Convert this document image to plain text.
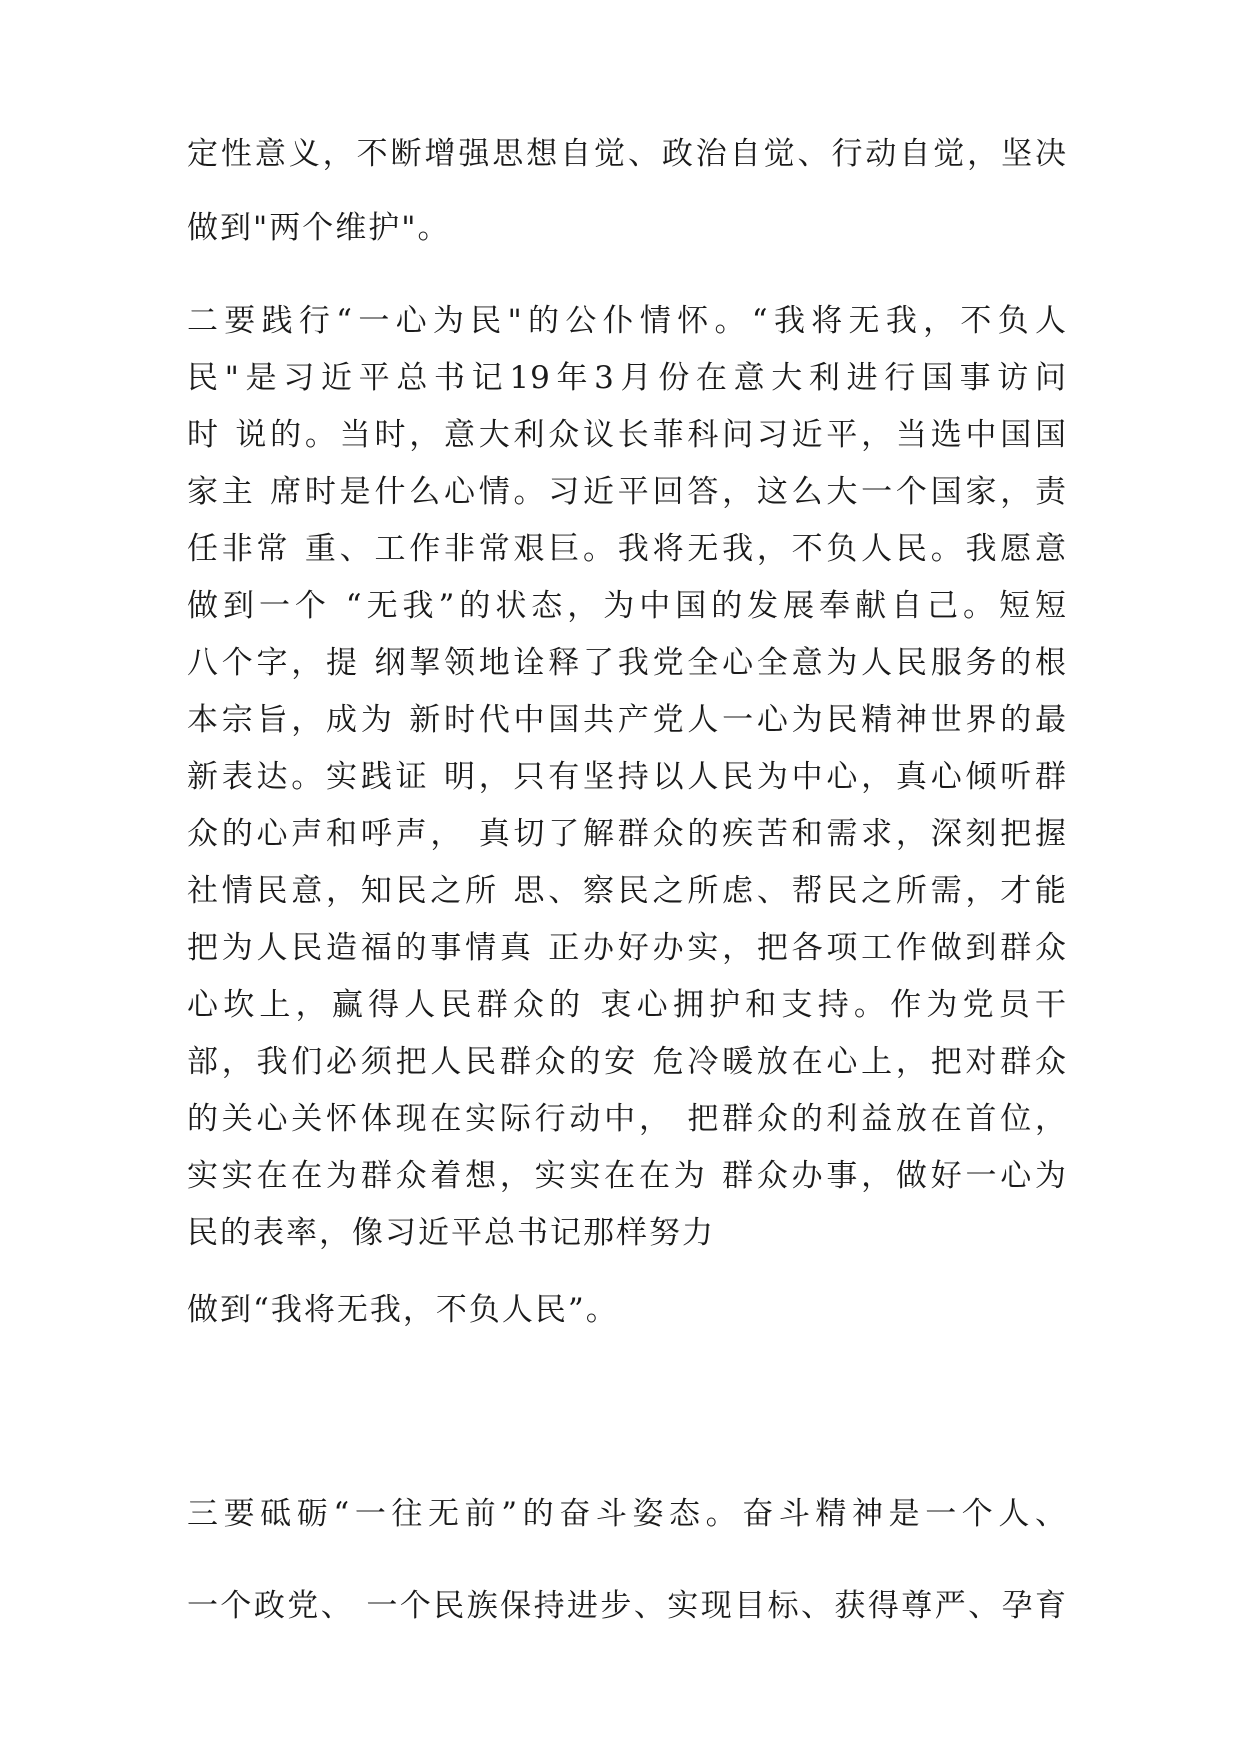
定性意义，不断增强思想自觉、政治自觉、行动自觉，坚决

做到"两个维护"。

二要践行“一心为民"的公仆情怀。“我将无我，不负人

民"是习近平总书记19年3月份在意大利进行国事访问

时 说的。当时，意大利众议长菲科问习近平，当选中国国

家主 席时是什么心情。习近平回答，这么大一个国家，责

任非常 重、工作非常艰巨。我将无我，不负人民。我愿意

做到一个 “无我”的状态，为中国的发展奉献自己。短短

八个字，提 纲挈领地诠释了我党全心全意为人民服务的根

本宗旨，成为 新时代中国共产党人一心为民精神世界的最

新表达。实践证 明，只有坚持以人民为中心，真心倾听群

众的心声和呼声， 真切了解群众的疾苦和需求，深刻把握

社情民意，知民之所 思、察民之所虑、帮民之所需，才能

把为人民造福的事情真 正办好办实，把各项工作做到群众

心坎上，赢得人民群众的 衷心拥护和支持。作为党员干

部，我们必须把人民群众的安 危冷暖放在心上，把对群众

的关心关怀体现在实际行动中， 把群众的利益放在首位，

实实在在为群众着想，实实在在为 群众办事，做好一心为

民的表率，像习近平总书记那样努力

做到“我将无我，不负人民”。

三要砥砺“一往无前”的奋斗姿态。奋斗精神是一个人、

一个政党、 一个民族保持进步、实现目标、获得尊严、孕育
